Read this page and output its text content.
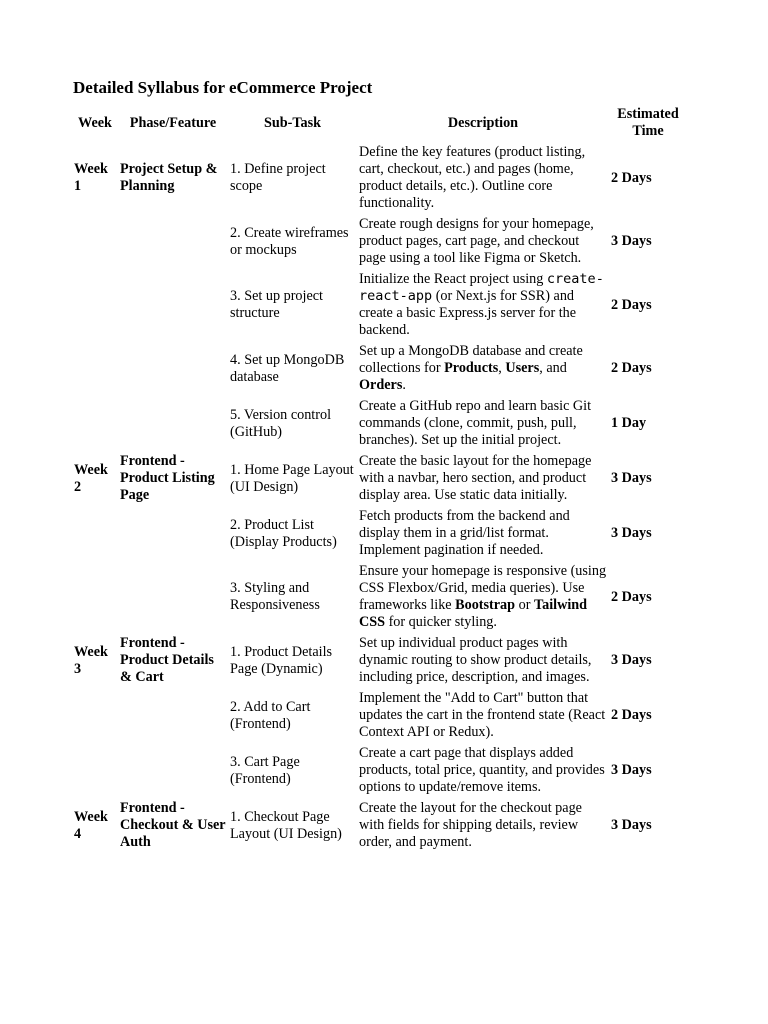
Detailed Syllabus for eCommerce Project
Week	Phase/Feature	Sub-Task	Description	Estimated Time
Week 1	Project Setup & Planning	1. Define project scope	Define the key features (product listing, cart, checkout, etc.) and pages (home, product details, etc.). Outline core functionality.	2 Days
		2. Create wireframes or mockups	Create rough designs for your homepage, product pages, cart page, and checkout page using a tool like Figma or Sketch.	3 Days
		3. Set up project structure	Initialize the React project using create-react-app (or Next.js for SSR) and create a basic Express.js server for the backend.	2 Days
		4. Set up MongoDB database	Set up a MongoDB database and create collections for Products, Users, and Orders.	2 Days
		5. Version control (GitHub)	Create a GitHub repo and learn basic Git commands (clone, commit, push, pull, branches). Set up the initial project.	1 Day
Week 2	Frontend - Product Listing Page	1. Home Page Layout (UI Design)	Create the basic layout for the homepage with a navbar, hero section, and product display area. Use static data initially.	3 Days
		2. Product List (Display Products)	Fetch products from the backend and display them in a grid/list format. Implement pagination if needed.	3 Days
		3. Styling and Responsiveness	Ensure your homepage is responsive (using CSS Flexbox/Grid, media queries). Use frameworks like Bootstrap or Tailwind CSS for quicker styling.	2 Days
Week 3	Frontend - Product Details & Cart	1. Product Details Page (Dynamic)	Set up individual product pages with dynamic routing to show product details, including price, description, and images.	3 Days
		2. Add to Cart (Frontend)	Implement the "Add to Cart" button that updates the cart in the frontend state (React Context API or Redux).	2 Days
		3. Cart Page (Frontend)	Create a cart page that displays added products, total price, quantity, and provides options to update/remove items.	3 Days
Week 4	Frontend - Checkout & User Auth	1. Checkout Page Layout (UI Design)	Create the layout for the checkout page with fields for shipping details, review order, and payment.	3 Days
